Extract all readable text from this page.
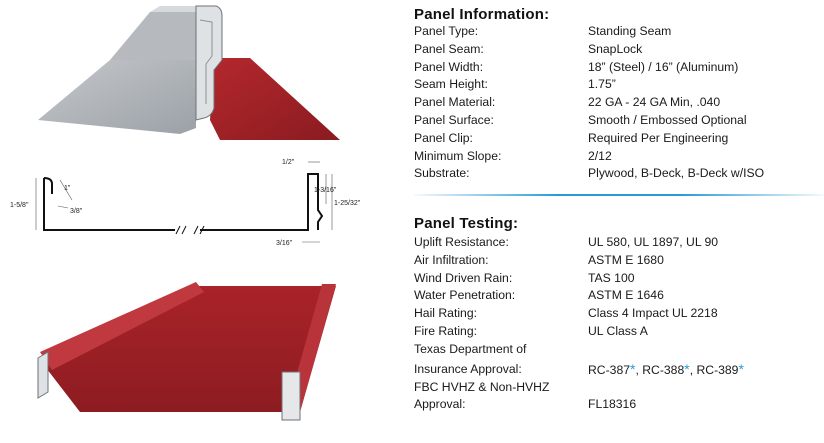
1-5/8"
1"
3/8"
1/2"
1-3/16"
1-25/32"
3/16"
Panel Information:
Panel Type:	Standing Seam
Panel Seam:	SnapLock
Panel Width:	18” (Steel) / 16” (Aluminum)
Seam Height:	1.75”
Panel Material:	22 GA - 24 GA Min, .040
Panel Surface:	Smooth / Embossed Optional
Panel Clip:	Required Per Engineering
Minimum Slope:	2/12
Substrate:	Plywood, B-Deck, B-Deck w/ISO
Panel Testing:
Uplift Resistance:	UL 580, UL 1897, UL 90
Air Infiltration:	ASTM E 1680
Wind Driven Rain:	TAS 100
Water Penetration:	ASTM E 1646
Hail Rating:	Class 4 Impact UL 2218
Fire Rating:	UL Class A
Texas Department of
Insurance Approval:	RC-387*, RC-388*, RC-389*
FBC HVHZ & Non-HVHZ
Approval:	FL18316
